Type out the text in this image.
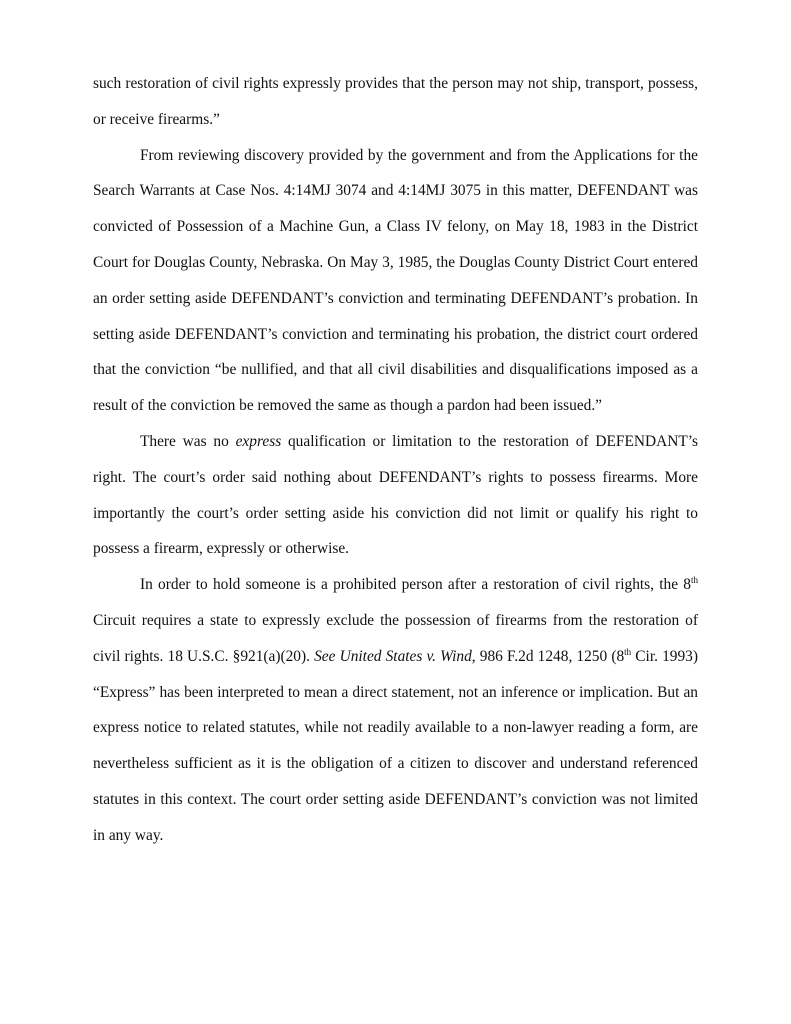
such restoration of civil rights expressly provides that the person may not ship, transport, possess, or receive firearms.”

From reviewing discovery provided by the government and from the Applications for the Search Warrants at Case Nos. 4:14MJ 3074 and 4:14MJ 3075 in this matter, DEFENDANT was convicted of Possession of a Machine Gun, a Class IV felony, on May 18, 1983 in the District Court for Douglas County, Nebraska. On May 3, 1985, the Douglas County District Court entered an order setting aside DEFENDANT’s conviction and terminating DEFENDANT’s probation. In setting aside DEFENDANT’s conviction and terminating his probation, the district court ordered that the conviction “be nullified, and that all civil disabilities and disqualifications imposed as a result of the conviction be removed the same as though a pardon had been issued.”

There was no express qualification or limitation to the restoration of DEFENDANT’s right. The court’s order said nothing about DEFENDANT’s rights to possess firearms. More importantly the court’s order setting aside his conviction did not limit or qualify his right to possess a firearm, expressly or otherwise.

In order to hold someone is a prohibited person after a restoration of civil rights, the 8th Circuit requires a state to expressly exclude the possession of firearms from the restoration of civil rights. 18 U.S.C. §921(a)(20). See United States v. Wind, 986 F.2d 1248, 1250 (8th Cir. 1993) “Express” has been interpreted to mean a direct statement, not an inference or implication. But an express notice to related statutes, while not readily available to a non-lawyer reading a form, are nevertheless sufficient as it is the obligation of a citizen to discover and understand referenced statutes in this context. The court order setting aside DEFENDANT’s conviction was not limited in any way.
